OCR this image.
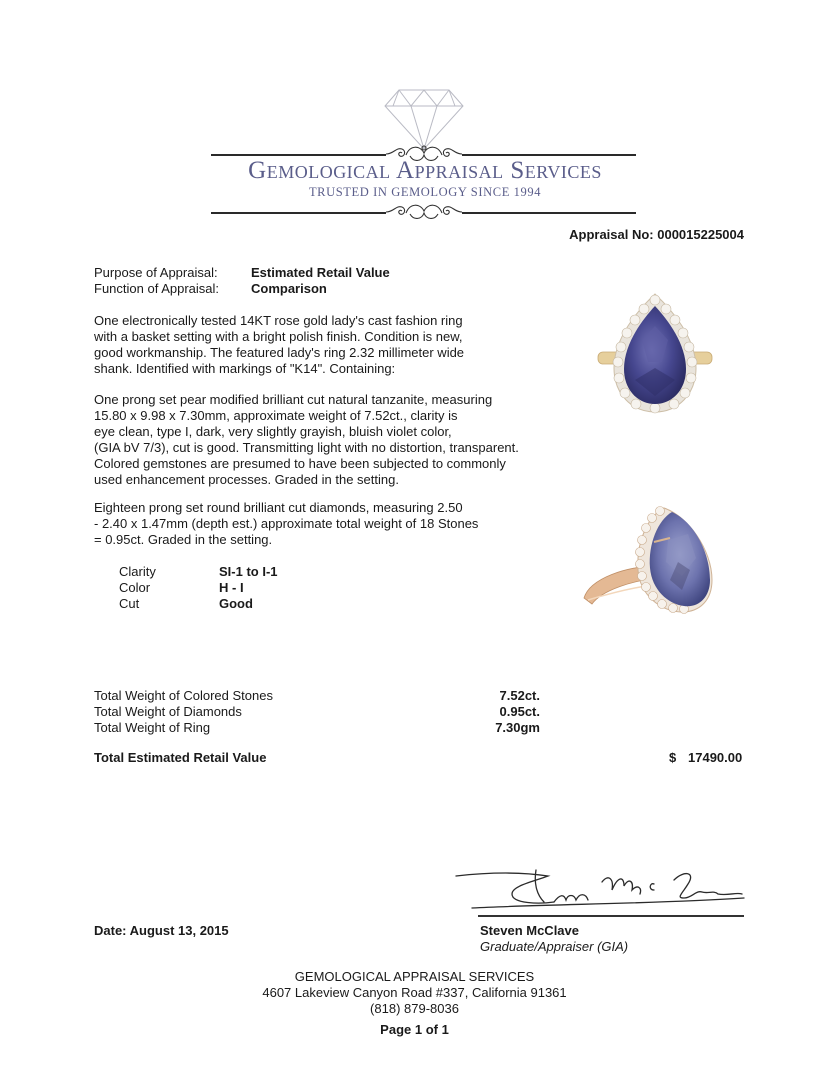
Gemological Appraisal Services
TRUSTED IN GEMOLOGY SINCE 1994
Appraisal No: 000015225004
Purpose of Appraisal:	Estimated Retail Value
Function of Appraisal: Comparison
One electronically tested 14KT rose gold lady's cast fashion ring
with a basket setting with a bright polish finish. Condition is new,
good workmanship. The featured lady's ring 2.32 millimeter wide
shank. Identified with markings of "K14". Containing:
One prong set pear modified brilliant cut natural tanzanite, measuring
15.80 x 9.98 x 7.30mm, approximate weight of 7.52ct., clarity is
eye clean, type I, dark, very slightly grayish, bluish violet color,
(GIA bV 7/3), cut is good. Transmitting light with no distortion, transparent.
Colored gemstones are presumed to have been subjected to commonly
used enhancement processes. Graded in the setting.
Eighteen prong set round brilliant cut diamonds, measuring 2.50
- 2.40 x 1.47mm (depth est.) approximate total weight of 18 Stones
= 0.95ct. Graded in the setting.
Clarity	SI-1 to I-1
Color	H - I
Cut	Good
Total Weight of Colored Stones	7.52ct.
Total Weight of Diamonds	0.95ct.
Total Weight of Ring	7.30gm
Total Estimated Retail Value	$ 17490.00
Date: August 13, 2015	Steven McClave
Graduate/Appraiser (GIA)
GEMOLOGICAL APPRAISAL SERVICES
4607 Lakeview Canyon Road #337, California 91361
(818) 879-8036
Page 1 of 1
